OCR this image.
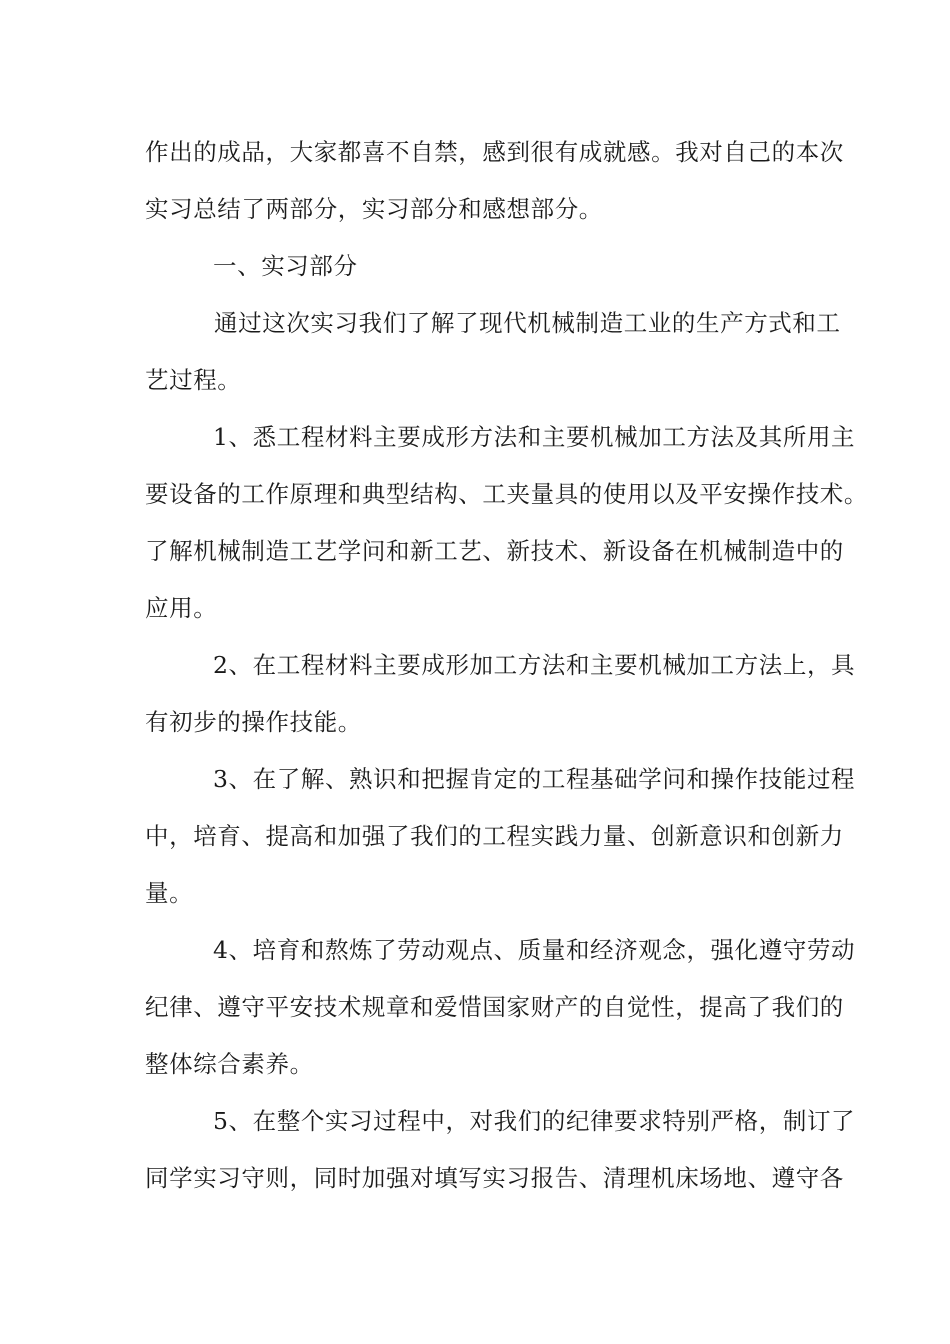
作出的成品，大家都喜不自禁，感到很有成就感。我对自己的本次
实习总结了两部分，实习部分和感想部分。
一、实习部分
通过这次实习我们了解了现代机械制造工业的生产方式和工
艺过程。
1、悉工程材料主要成形方法和主要机械加工方法及其所用主
要设备的工作原理和典型结构、工夹量具的使用以及平安操作技术。
了解机械制造工艺学问和新工艺、新技术、新设备在机械制造中的
应用。
2、在工程材料主要成形加工方法和主要机械加工方法上，具
有初步的操作技能。
3、在了解、熟识和把握肯定的工程基础学问和操作技能过程
中，培育、提高和加强了我们的工程实践力量、创新意识和创新力
量。
4、培育和熬炼了劳动观点、质量和经济观念，强化遵守劳动
纪律、遵守平安技术规章和爱惜国家财产的自觉性，提高了我们的
整体综合素养。
5、在整个实习过程中，对我们的纪律要求特别严格，制订了
同学实习守则，同时加强对填写实习报告、清理机床场地、遵守各
